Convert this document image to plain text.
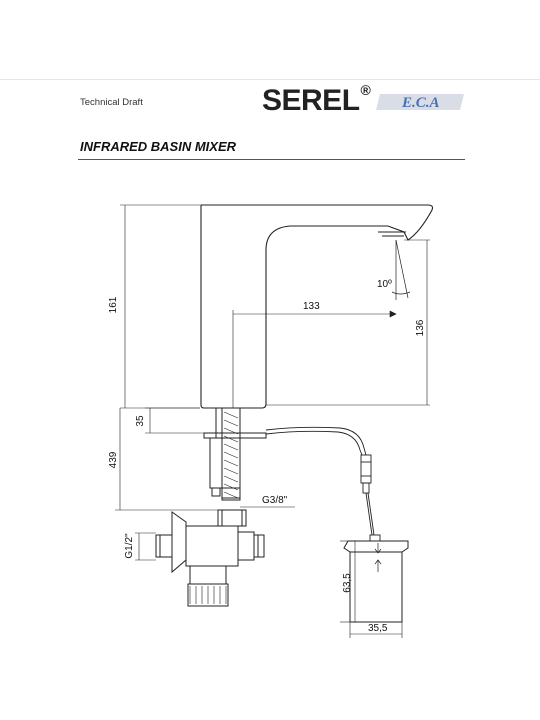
Technical Draft	SEREL®
E.C.A
INFRARED BASIN MIXER
10º
161	133
136
35
439
G3/8"
G1/2"
63,5
35,5
